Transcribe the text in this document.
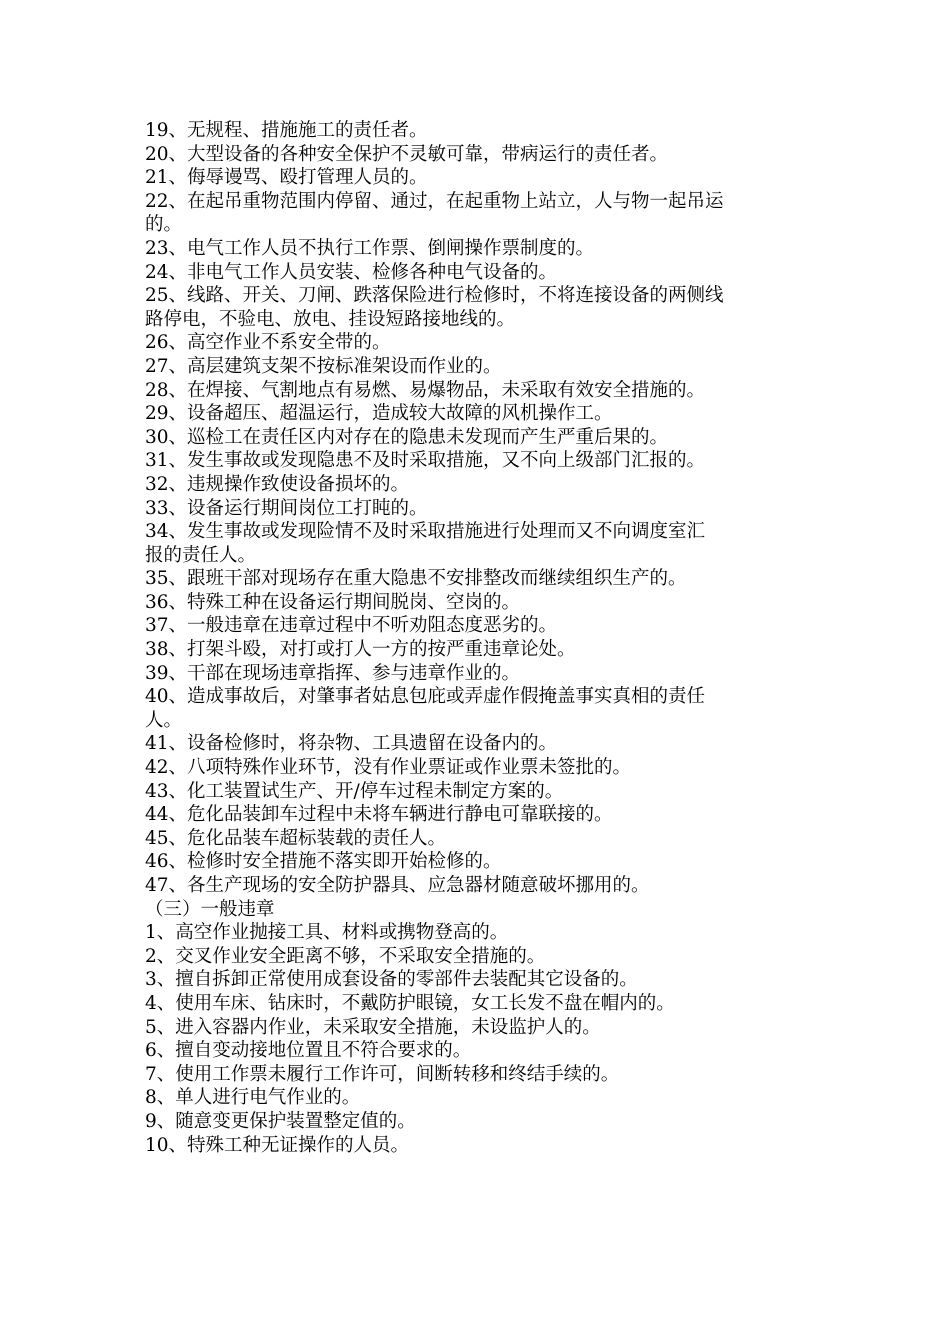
19、无规程、措施施工的责任者。
20、大型设备的各种安全保护不灵敏可靠，带病运行的责任者。
21、侮辱谩骂、殴打管理人员的。
22、在起吊重物范围内停留、通过，在起重物上站立，人与物一起吊运
的。
23、电气工作人员不执行工作票、倒闸操作票制度的。
24、非电气工作人员安装、检修各种电气设备的。
25、线路、开关、刀闸、跌落保险进行检修时，不将连接设备的两侧线
路停电，不验电、放电、挂设短路接地线的。
26、高空作业不系安全带的。
27、高层建筑支架不按标准架设而作业的。
28、在焊接、气割地点有易燃、易爆物品，未采取有效安全措施的。
29、设备超压、超温运行，造成较大故障的风机操作工。
30、巡检工在责任区内对存在的隐患未发现而产生严重后果的。
31、发生事故或发现隐患不及时采取措施，又不向上级部门汇报的。
32、违规操作致使设备损坏的。
33、设备运行期间岗位工打盹的。
34、发生事故或发现险情不及时采取措施进行处理而又不向调度室汇
报的责任人。
35、跟班干部对现场存在重大隐患不安排整改而继续组织生产的。
36、特殊工种在设备运行期间脱岗、空岗的。
37、一般违章在违章过程中不听劝阻态度恶劣的。
38、打架斗殴，对打或打人一方的按严重违章论处。
39、干部在现场违章指挥、参与违章作业的。
40、造成事故后，对肇事者姑息包庇或弄虚作假掩盖事实真相的责任
人。
41、设备检修时，将杂物、工具遗留在设备内的。
42、八项特殊作业环节，没有作业票证或作业票未签批的。
43、化工装置试生产、开/停车过程未制定方案的。
44、危化品装卸车过程中未将车辆进行静电可靠联接的。
45、危化品装车超标装载的责任人。
46、检修时安全措施不落实即开始检修的。
47、各生产现场的安全防护器具、应急器材随意破坏挪用的。
（三）一般违章
1、高空作业抛接工具、材料或携物登高的。
2、交叉作业安全距离不够，不采取安全措施的。
3、擅自拆卸正常使用成套设备的零部件去装配其它设备的。
4、使用车床、钻床时，不戴防护眼镜，女工长发不盘在帽内的。
5、进入容器内作业，未采取安全措施，未设监护人的。
6、擅自变动接地位置且不符合要求的。
7、使用工作票未履行工作许可，间断转移和终结手续的。
8、单人进行电气作业的。
9、随意变更保护装置整定值的。
10、特殊工种无证操作的人员。
